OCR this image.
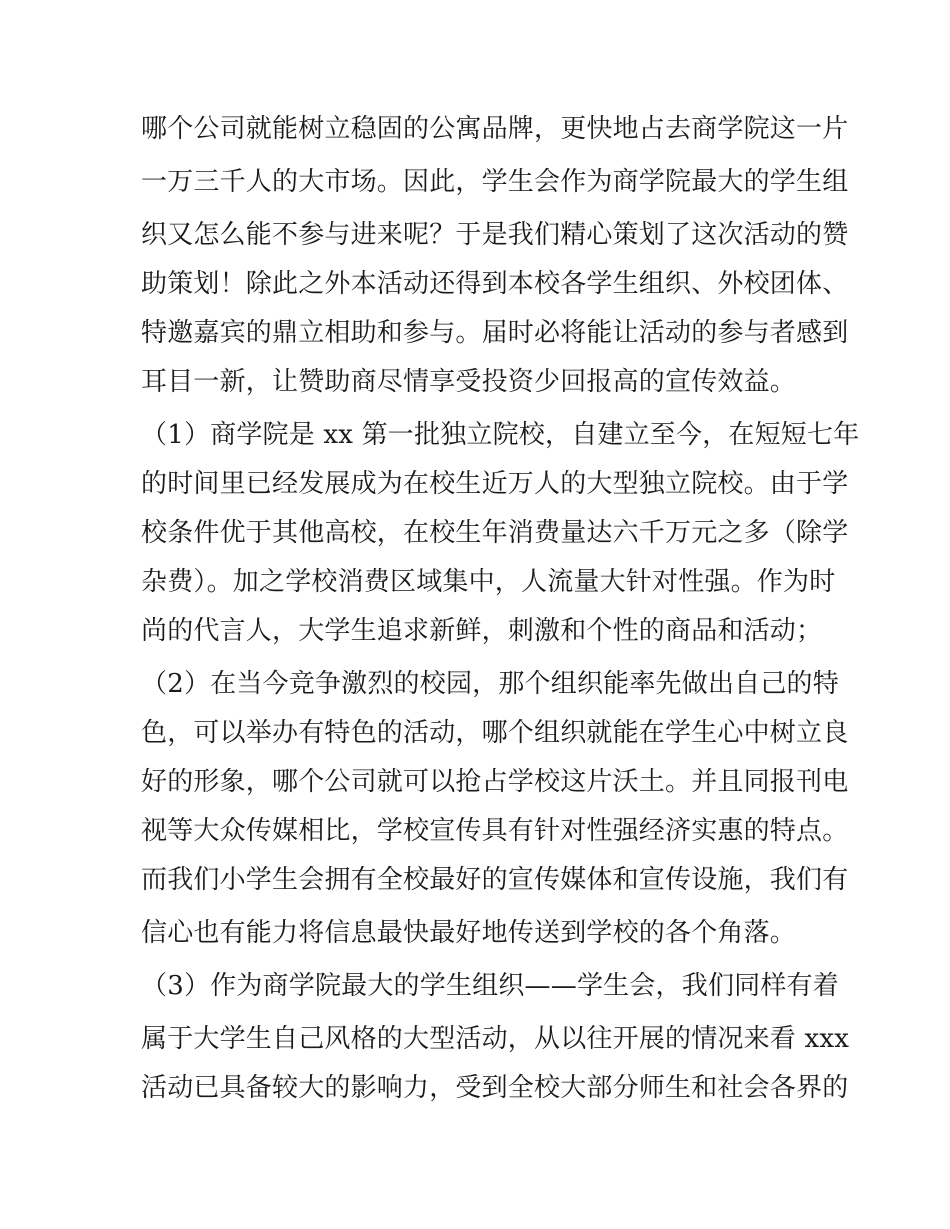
哪个公司就能树立稳固的公寓品牌，更快地占去商学院这一片
一万三千人的大市场。因此，学生会作为商学院最大的学生组
织又怎么能不参与进来呢？于是我们精心策划了这次活动的赞
助策划！除此之外本活动还得到本校各学生组织、外校团体、
特邀嘉宾的鼎立相助和参与。届时必将能让活动的参与者感到
耳目一新，让赞助商尽情享受投资少回报高的宣传效益。
（1）商学院是 xx 第一批独立院校，自建立至今，在短短七年
的时间里已经发展成为在校生近万人的大型独立院校。由于学
校条件优于其他高校，在校生年消费量达六千万元之多（除学
杂费）。加之学校消费区域集中，人流量大针对性强。作为时
尚的代言人，大学生追求新鲜，刺激和个性的商品和活动；
（2）在当今竞争激烈的校园，那个组织能率先做出自己的特
色，可以举办有特色的活动，哪个组织就能在学生心中树立良
好的形象，哪个公司就可以抢占学校这片沃土。并且同报刊电
视等大众传媒相比，学校宣传具有针对性强经济实惠的特点。
而我们小学生会拥有全校最好的宣传媒体和宣传设施，我们有
信心也有能力将信息最快最好地传送到学校的各个角落。
（3）作为商学院最大的学生组织——学生会，我们同样有着
属于大学生自己风格的大型活动，从以往开展的情况来看 xxx
活动已具备较大的影响力，受到全校大部分师生和社会各界的
